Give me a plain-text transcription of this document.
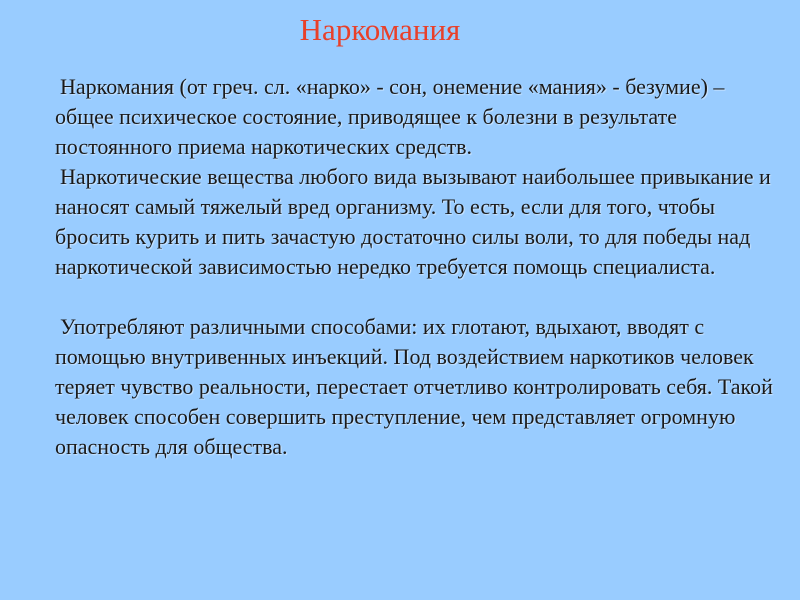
Наркомания

Наркомания (от греч. сл. «нарко» - сон, онемение «мания» - безумие) – общее психическое состояние, приводящее к болезни в результате постоянного приема наркотических средств.

Наркотические вещества любого вида вызывают наибольшее привыкание и наносят самый тяжелый вред организму. То есть, если для того, чтобы бросить курить и пить зачастую достаточно силы воли, то для победы над наркотической зависимостью нередко требуется помощь специалиста.

Употребляют различными способами: их глотают, вдыхают, вводят с помощью внутривенных инъекций. Под воздействием наркотиков человек теряет чувство реальности, перестает отчетливо контролировать себя. Такой человек способен совершить преступление, чем представляет огромную опасность для общества.
